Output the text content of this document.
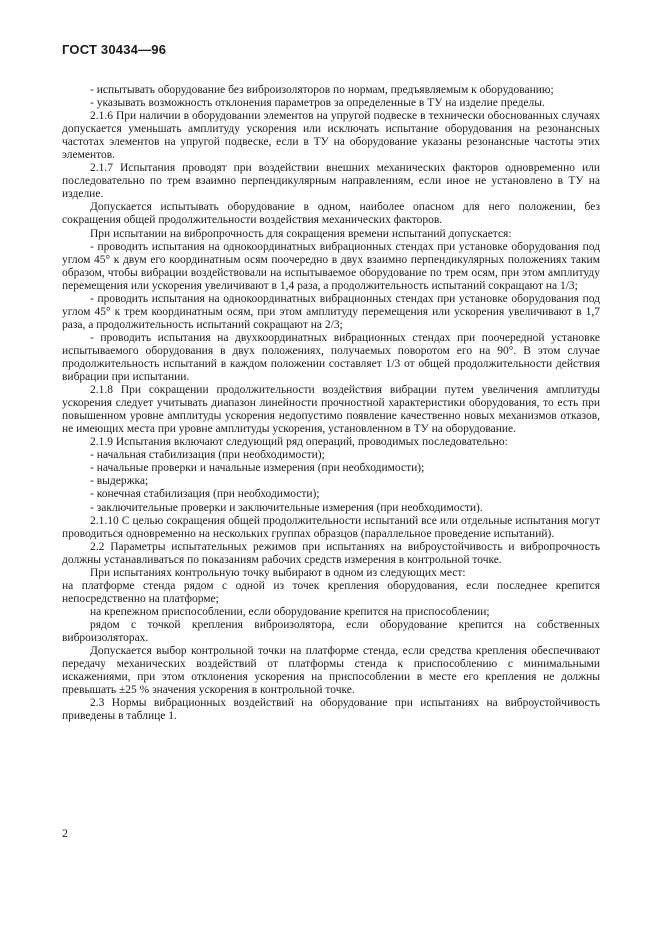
ГОСТ 30434—96

- испытывать оборудование без виброизоляторов по нормам, предъявляемым к оборудованию;

- указывать возможность отклонения параметров за определенные в ТУ на изделие пределы.

2.1.6 При наличии в оборудовании элементов на упругой подвеске в технически обоснованных случаях допускается уменьшать амплитуду ускорения или исключать испытание оборудования на резонансных частотах элементов на упругой подвеске, если в ТУ на оборудование указаны резонансные частоты этих элементов.

2.1.7 Испытания проводят при воздействии внешних механических факторов одновременно или последовательно по трем взаимно перпендикулярным направлениям, если иное не установлено в ТУ на изделие.

Допускается испытывать оборудование в одном, наиболее опасном для него положении, без сокращения общей продолжительности воздействия механических факторов.

При испытании на вибропрочность для сокращения времени испытаний допускается:

- проводить испытания на однокоординатных вибрационных стендах при установке оборудования под углом 45° к двум его координатным осям поочередно в двух взаимно перпендикулярных положениях таким образом, чтобы вибрации воздействовали на испытываемое оборудование по трем осям, при этом амплитуду перемещения или ускорения увеличивают в 1,4 раза, а продолжительность испытаний сокращают на 1/3;

- проводить испытания на однокоординатных вибрационных стендах при установке оборудования под углом 45° к трем координатным осям, при этом амплитуду перемещения или ускорения увеличивают в 1,7 раза, а продолжительность испытаний сокращают на 2/3;

- проводить испытания на двухкоординатных вибрационных стендах при поочередной установке испытываемого оборудования в двух положениях, получаемых поворотом его на 90°. В этом случае продолжительность испытаний в каждом положении составляет 1/3 от общей продолжительности действия вибрации при испытании.

2.1.8 При сокращении продолжительности воздействия вибрации путем увеличения амплитуды ускорения следует учитывать диапазон линейности прочностной характеристики оборудования, то есть при повышенном уровне амплитуды ускорения недопустимо появление качественно новых механизмов отказов, не имеющих места при уровне амплитуды ускорения, установленном в ТУ на оборудование.

2.1.9 Испытания включают следующий ряд операций, проводимых последовательно:

- начальная стабилизация (при необходимости);

- начальные проверки и начальные измерения (при необходимости);

- выдержка;

- конечная стабилизация (при необходимости);

- заключительные проверки и заключительные измерения (при необходимости).

2.1.10 С целью сокращения общей продолжительности испытаний все или отдельные испытания могут проводиться одновременно на нескольких группах образцов (параллельное проведение испытаний).

2.2 Параметры испытательных режимов при испытаниях на виброустойчивость и вибропрочность должны устанавливаться по показаниям рабочих средств измерения в контрольной точке.

При испытаниях контрольную точку выбирают в одном из следующих мест:

на платформе стенда рядом с одной из точек крепления оборудования, если последнее крепится непосредственно на платформе;

на крепежном приспособлении, если оборудование крепится на приспособлении;

рядом с точкой крепления виброизолятора, если оборудование крепится на собственных виброизоляторах.

Допускается выбор контрольной точки на платформе стенда, если средства крепления обеспечивают передачу механических воздействий от платформы стенда к приспособлению с минимальными искажениями, при этом отклонения ускорения на приспособлении в месте его крепления не должны превышать ±25 % значения ускорения в контрольной точке.

2.3 Нормы вибрационных воздействий на оборудование при испытаниях на виброустойчивость приведены в таблице 1.

2
